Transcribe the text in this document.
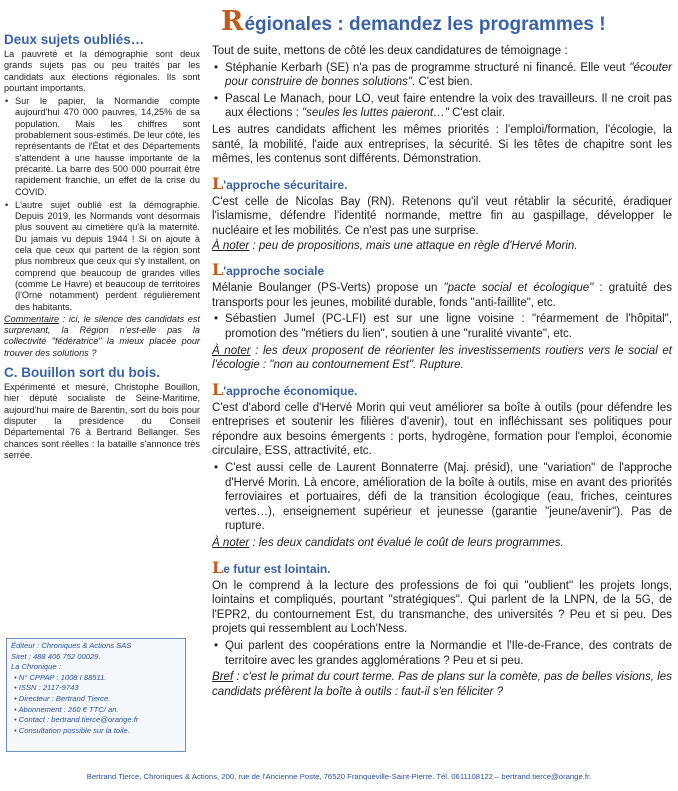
Deux sujets oubliés…

La pauvreté et la démographie sont deux grands sujets pas ou peu traités par les candidats aux élections régionales. Ils sont pourtant importants.

• Sur le papier, la Normandie compte aujourd'hui 470 000 pauvres, 14,25% de sa population. Mais les chiffres sont probablement sous-estimés. De leur côté, les représentants de l'État et des Départements s'attendent à une hausse importante de la précarité. La barre des 500 000 pourrait être rapidement franchie, un effet de la crise du COVID.
• L'autre sujet oublié est la démographie. Depuis 2019, les Normands vont désormais plus souvent au cimetière qu'à la maternité. Du jamais vu depuis 1944 ! Si on ajoute à cela que ceux qui partent de la région sont plus nombreux que ceux qui s'y installent, on comprend que beaucoup de grandes villes (comme Le Havre) et beaucoup de territoires (l'Orne notamment) perdent régulièrement des habitants.

Commentaire : ici, le silence des candidats est surprenant, la Région n'est-elle pas la collectivité "fédératrice" la mieux placée pour trouver des solutions ?

C. Bouillon sort du bois.

Expérimenté et mesuré, Christophe Bouillon, hier député socialiste de Seine-Maritime, aujourd'hui maire de Barentin, sort du bois pour disputer la présidence du Conseil Départemental 76 à Bertrand Bellanger. Ses chances sont réelles : la bataille s'annonce très serrée.

Éditeur : Chroniques & Actions SAS
Siret : 488 406 752 00029.
La Chronique :
• N° CPPAP : 1008 I 88511.
• ISSN : 2117-9743
• Directeur : Bertrand Tierce.
• Abonnement : 260 € TTC/ an.
• Contact : bertrand.tierce@orange.fr
• Consultation possible sur la toile.
Régionales : demandez les programmes !

Tout de suite, mettons de côté les deux candidatures de témoignage :

• Stéphanie Kerbarh (SE) n'a pas de programme structuré ni financé. Elle veut "écouter pour construire de bonnes solutions". C'est bien.
• Pascal Le Manach, pour LO, veut faire entendre la voix des travailleurs. Il ne croit pas aux élections : "seules les luttes paieront…" C'est clair.

Les autres candidats affichent les mêmes priorités : l'emploi/formation, l'écologie, la santé, la mobilité, l'aide aux entreprises, la sécurité. Si les têtes de chapitre sont les mêmes, les contenus sont différents. Démonstration.

L'approche sécuritaire.

C'est celle de Nicolas Bay (RN). Retenons qu'il veut rétablir la sécurité, éradiquer l'islamisme, défendre l'identité normande, mettre fin au gaspillage, développer le nucléaire et les mobilités. Ce n'est pas une surprise.

À noter : peu de propositions, mais une attaque en règle d'Hervé Morin.

L'approche sociale

Mélanie Boulanger (PS-Verts) propose un "pacte social et écologique" : gratuité des transports pour les jeunes, mobilité durable, fonds "anti-faillite", etc.

• Sébastien Jumel (PC-LFI) est sur une ligne voisine : "réarmement de l'hôpital", promotion des "métiers du lien", soutien à une "ruralité vivante", etc.

À noter : les deux proposent de réorienter les investissements routiers vers le social et l'écologie : "non au contournement Est". Rupture.

L'approche économique.

C'est d'abord celle d'Hervé Morin qui veut améliorer sa boîte à outils (pour défendre les entreprises et soutenir les filières d'avenir), tout en infléchissant ses politiques pour répondre aux besoins émergents : ports, hydrogène, formation pour l'emploi, économie circulaire, ESS, attractivité, etc.

• C'est aussi celle de Laurent Bonnaterre (Maj. présid), une "variation" de l'approche d'Hervé Morin. Là encore, amélioration de la boîte à outils, mise en avant des priorités ferroviaires et portuaires, défi de la transition écologique (eau, friches, ceintures vertes…), enseignement supérieur et jeunesse (garantie "jeune/avenir"). Pas de rupture.

À noter : les deux candidats ont évalué le coût de leurs programmes.

Le futur est lointain.

On le comprend à la lecture des professions de foi qui "oublient" les projets longs, lointains et compliqués, pourtant "stratégiques". Qui parlent de la LNPN, de la 5G, de l'EPR2, du contournement Est, du transmanche, des universités ? Peu et si peu. Des projets qui ressemblent au Loch'Ness.

• Qui parlent des coopérations entre la Normandie et l'Ile-de-France, des contrats de territoire avec les grandes agglomérations ? Peu et si peu.

Bref : c'est le primat du court terme. Pas de plans sur la comète, pas de belles visions, les candidats préfèrent la boîte à outils : faut-il s'en féliciter ?

Bertrand Tierce, Chroniques & Actions, 200, rue de l'Ancienne Poste, 76520 Franqueville-Saint-Pierre. Tél. 0611108122 – bertrand.tierce@orange.fr.
